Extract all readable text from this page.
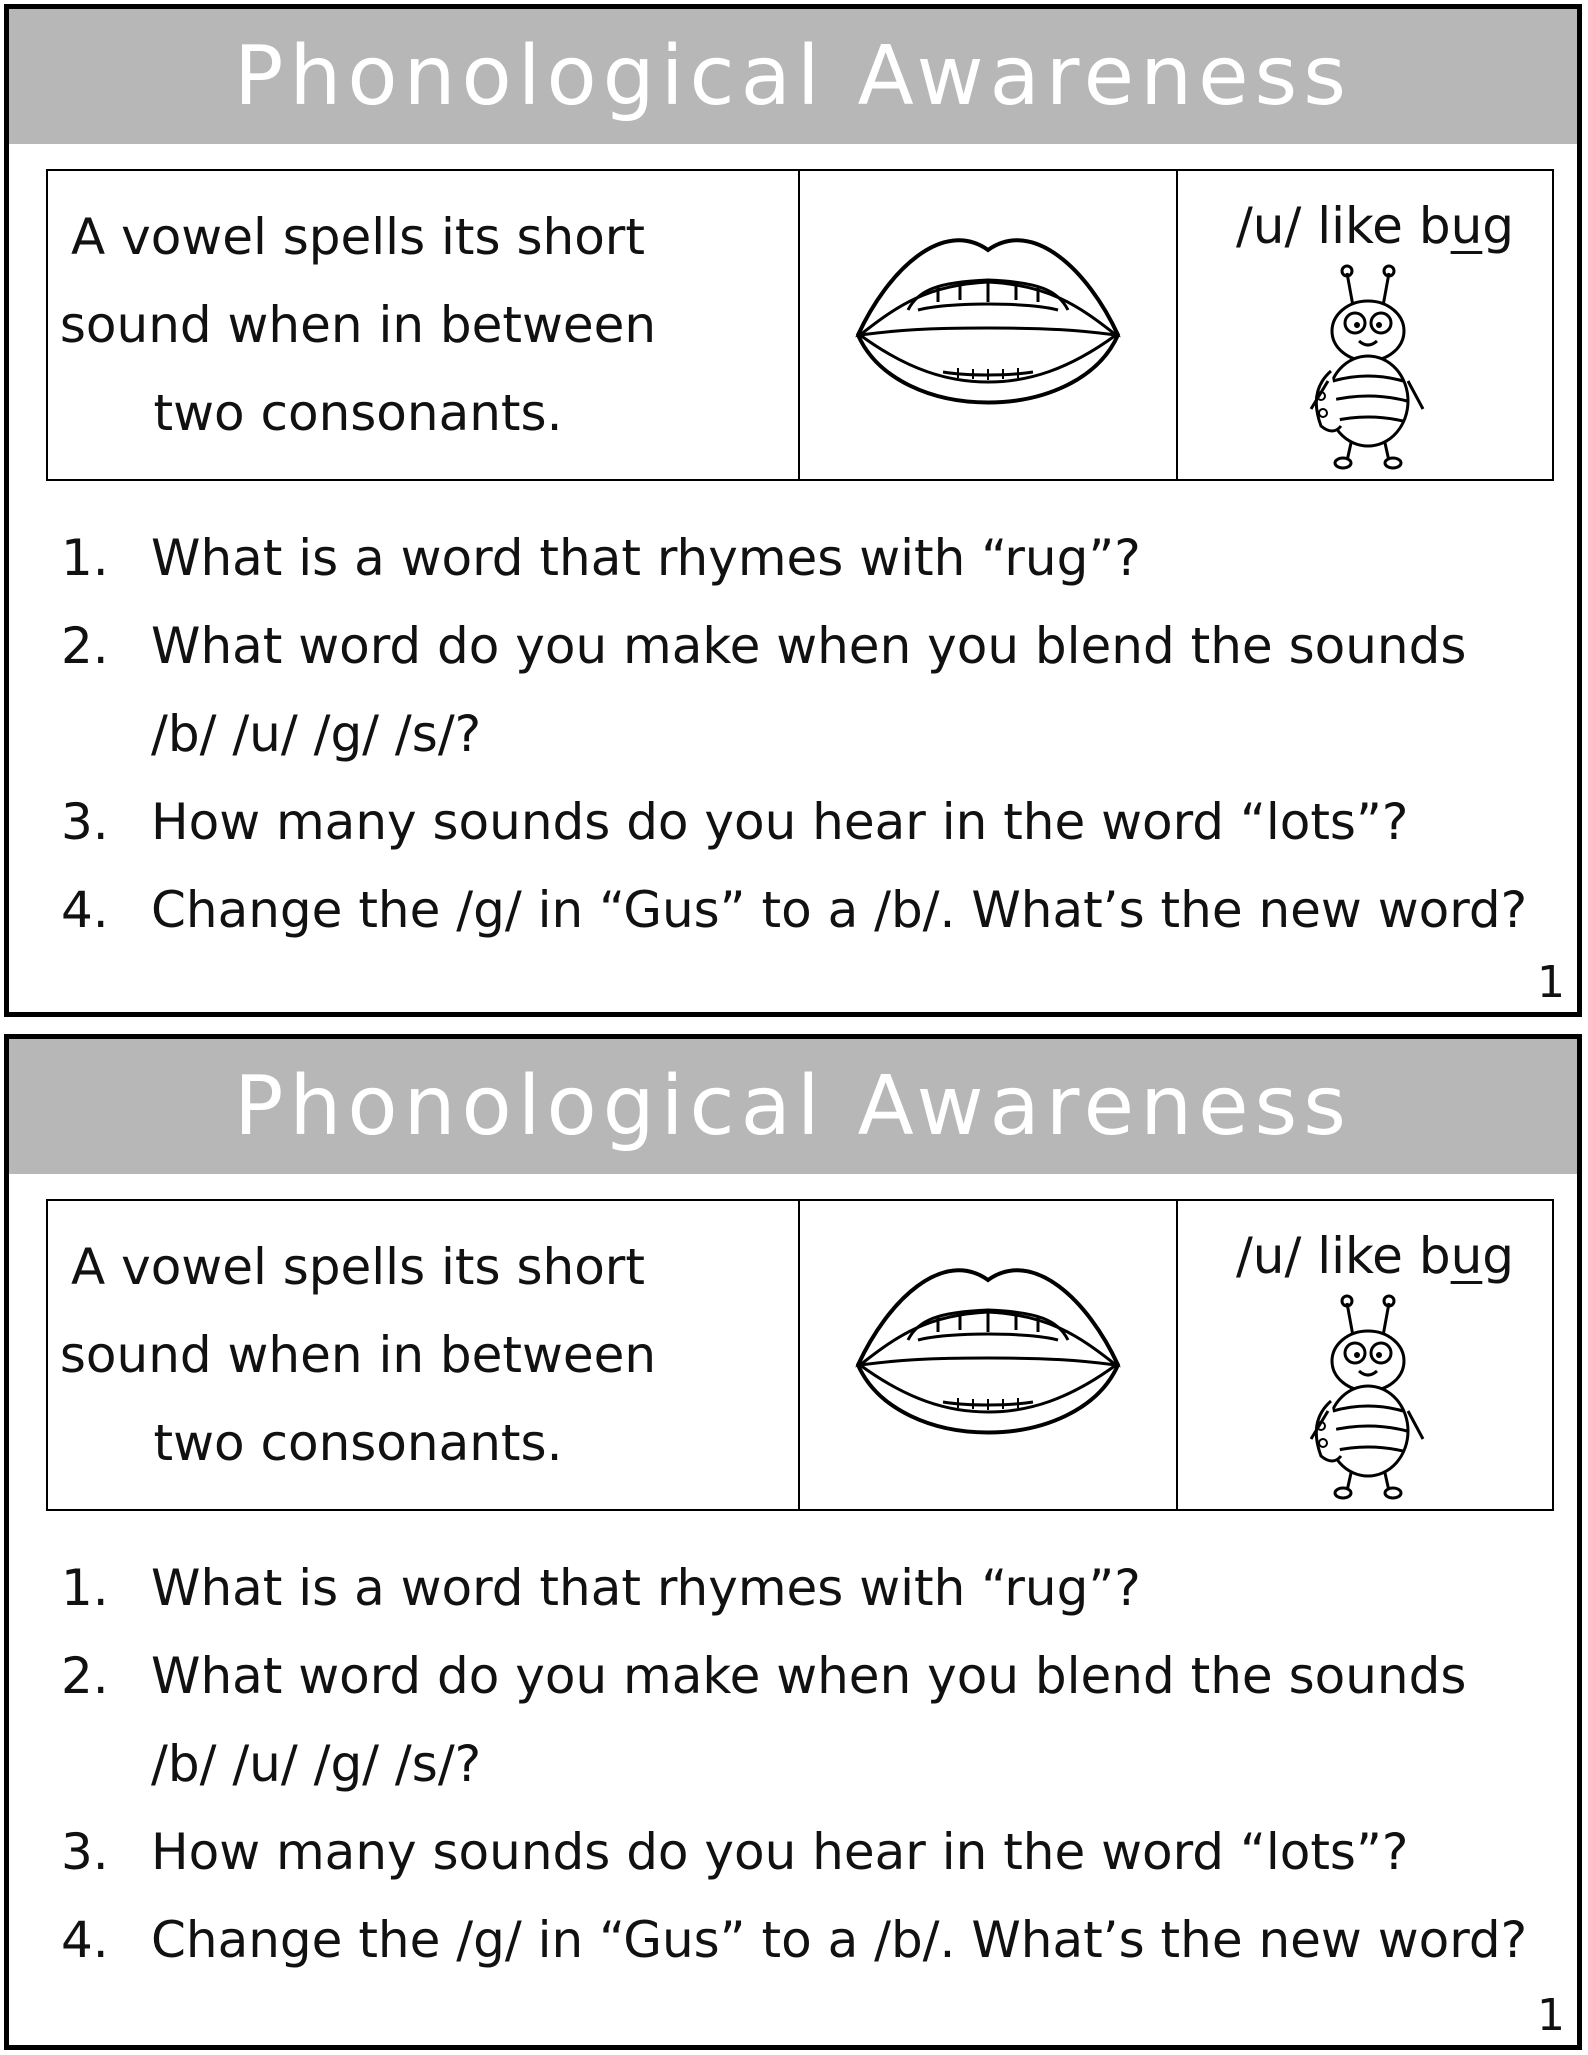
Phonological Awareness
A vowel spells its short
sound when in between
two consonants.
/u/ like bug
1. What is a word that rhymes with “rug”?
2. What word do you make when you blend the sounds
/b/ /u/ /g/ /s/?
3. How many sounds do you hear in the word “lots”?
4. Change the /g/ in “Gus” to a /b/. What’s the new word?
1
Phonological Awareness
A vowel spells its short
sound when in between
two consonants.
/u/ like bug
1. What is a word that rhymes with “rug”?
2. What word do you make when you blend the sounds
/b/ /u/ /g/ /s/?
3. How many sounds do you hear in the word “lots”?
4. Change the /g/ in “Gus” to a /b/. What’s the new word?
1
